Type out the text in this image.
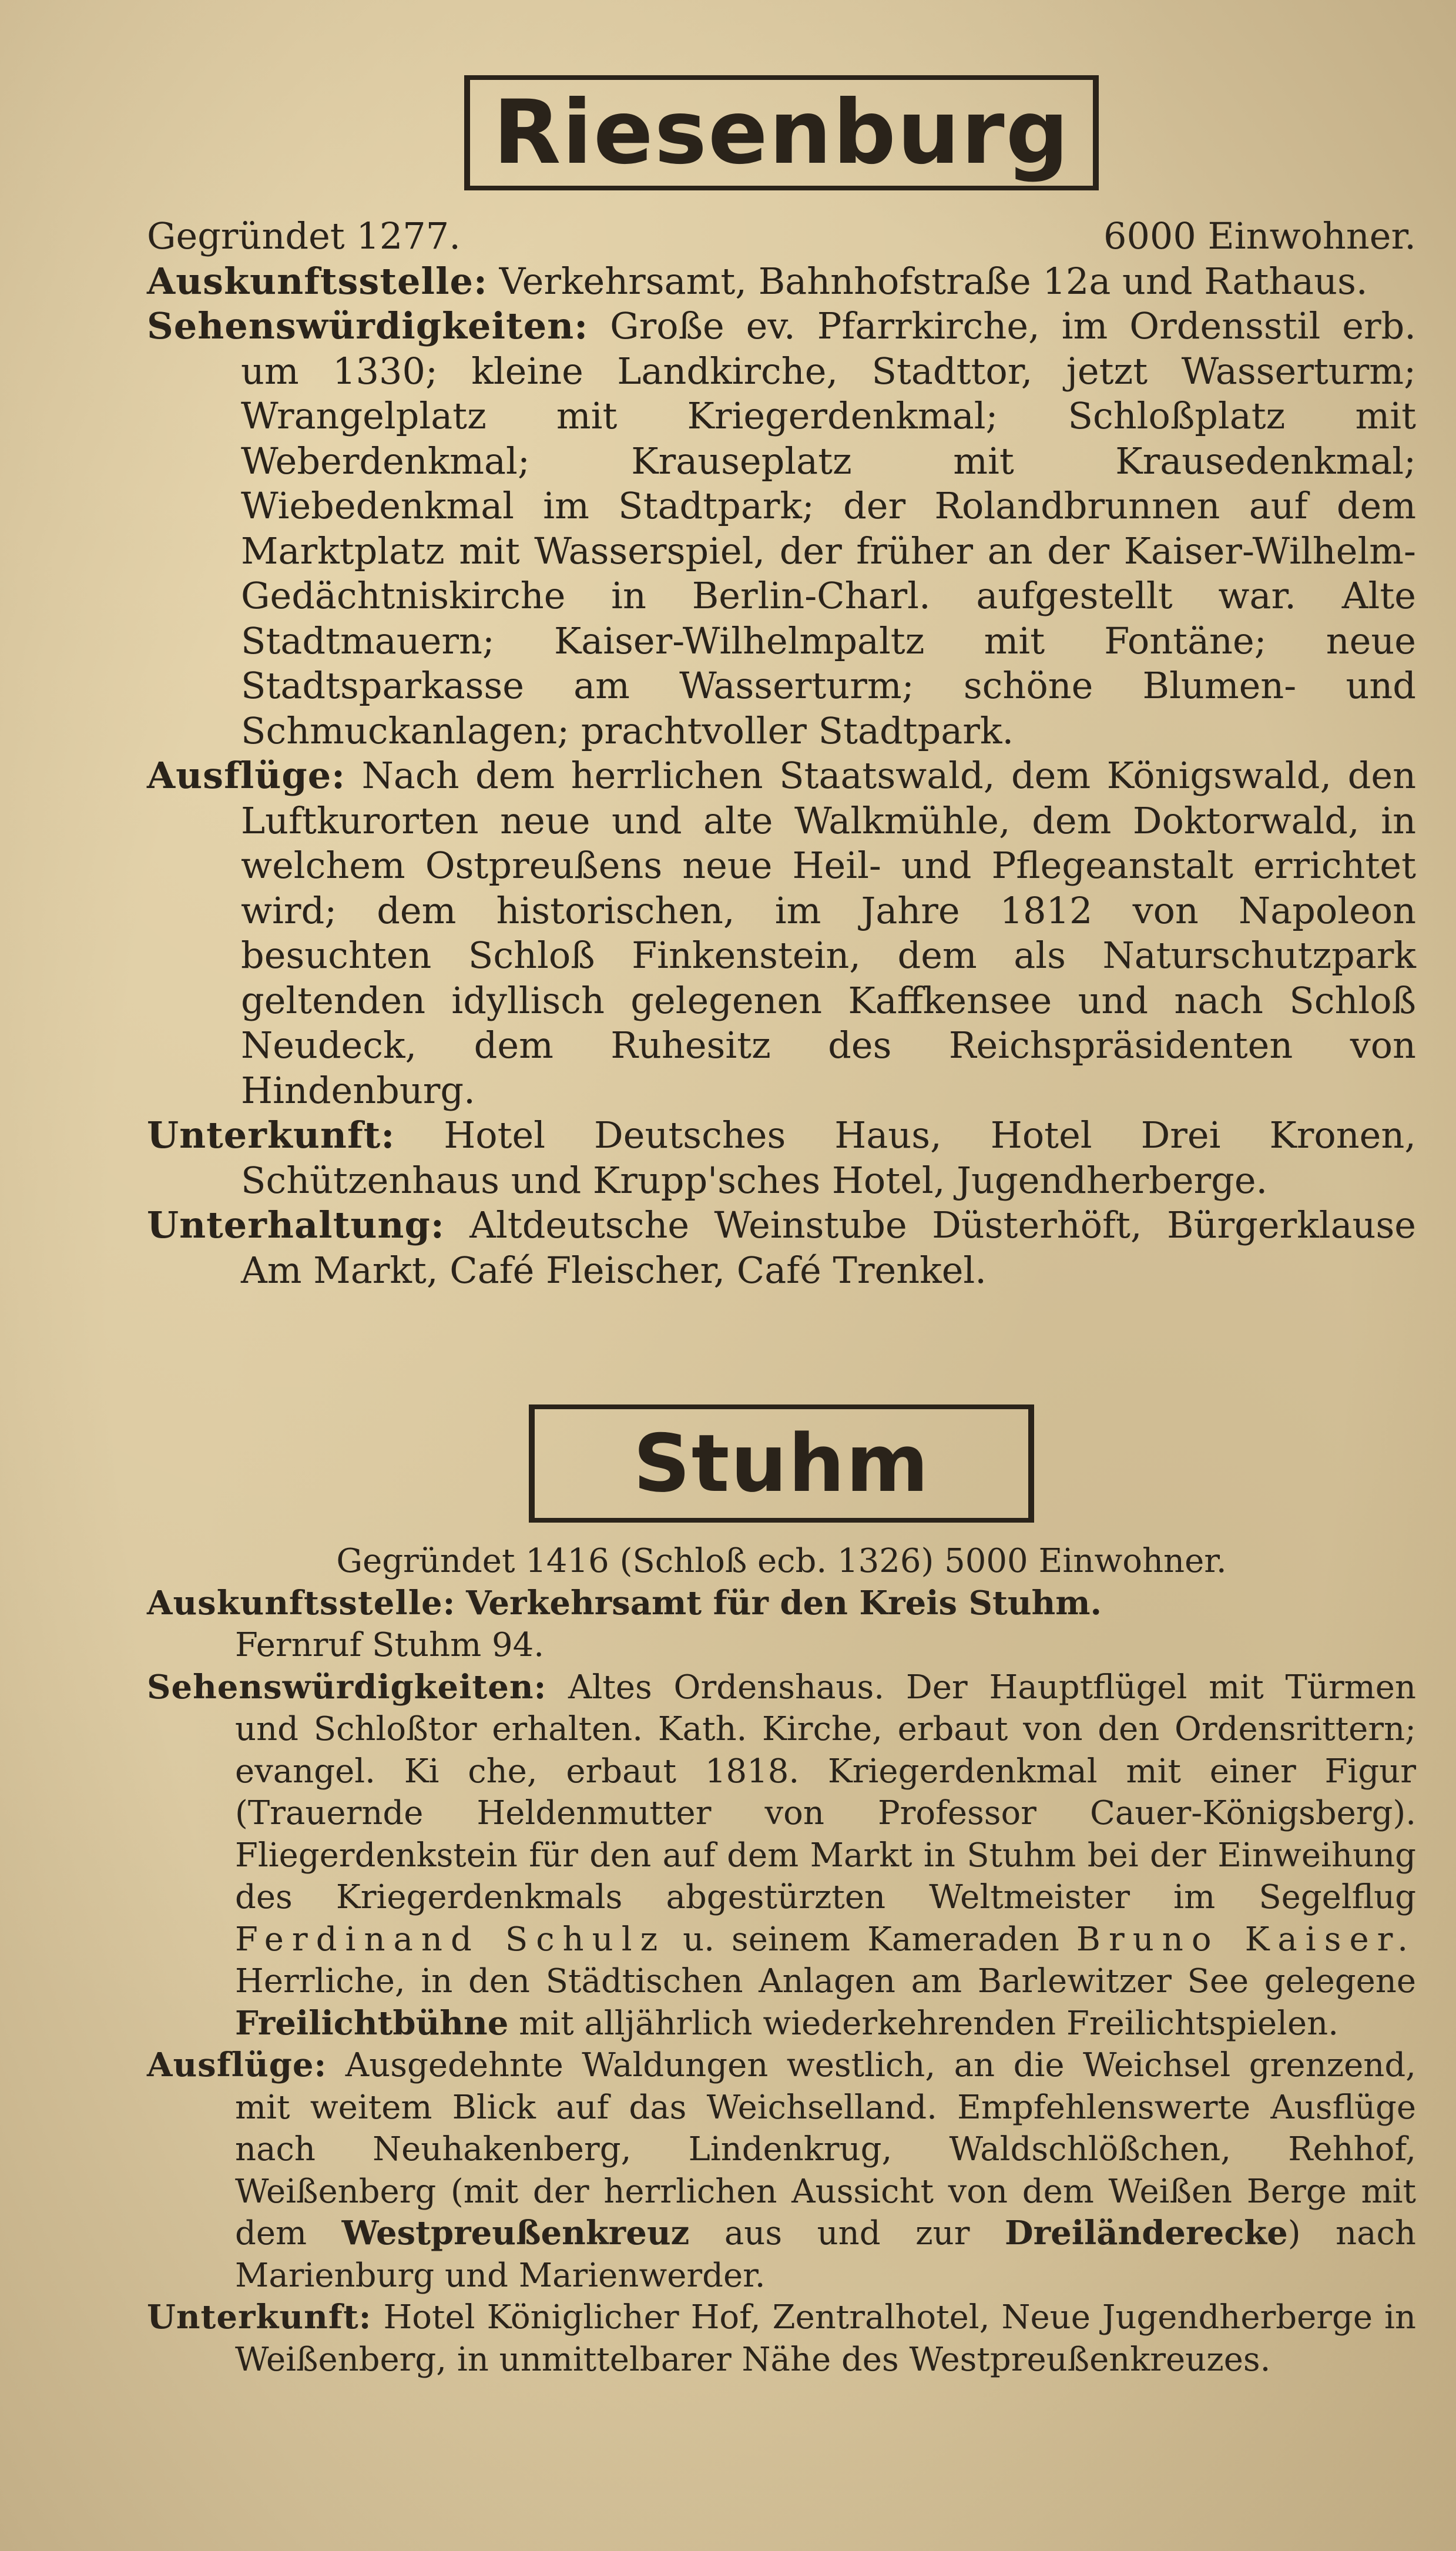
Riesenburg
Gegründet 1277.	6000 Einwohner.

Auskunftsstelle: Verkehrsamt, Bahnhofstraße 12a und Rathaus.

Sehenswürdigkeiten: Große ev. Pfarrkirche, im Ordensstil erb. um 1330; kleine Landkirche, Stadttor, jetzt Wasserturm; Wrangelplatz mit Kriegerdenkmal; Schloßplatz mit Weberdenkmal; Krauseplatz mit Krausedenkmal; Wiebedenkmal im Stadtpark; der Rolandbrunnen auf dem Marktplatz mit Wasserspiel, der früher an der Kaiser-Wilhelm-Gedächtniskirche in Berlin-Charl. aufgestellt war. Alte Stadtmauern; Kaiser-Wilhelmpaltz mit Fontäne; neue Stadtsparkasse am Wasserturm; schöne Blumen- und Schmuckanlagen; prachtvoller Stadtpark.

Ausflüge: Nach dem herrlichen Staatswald, dem Königswald, den Luftkurorten neue und alte Walkmühle, dem Doktorwald, in welchem Ostpreußens neue Heil- und Pflegeanstalt errichtet wird; dem historischen, im Jahre 1812 von Napoleon besuchten Schloß Finkenstein, dem als Naturschutzpark geltenden idyllisch gelegenen Kaffkensee und nach Schloß Neudeck, dem Ruhesitz des Reichspräsidenten von Hindenburg.

Unterkunft: Hotel Deutsches Haus, Hotel Drei Kronen, Schützenhaus und Krupp'sches Hotel, Jugendherberge.

Unterhaltung: Altdeutsche Weinstube Düsterhöft, Bürgerklause Am Markt, Café Fleischer, Café Trenkel.

Stuhm
Gegründet 1416 (Schloß ecb. 1326) 5000 Einwohner.

Auskunftsstelle: Verkehrsamt für den Kreis Stuhm.
Fernruf Stuhm 94.

Sehenswürdigkeiten: Altes Ordenshaus. Der Hauptflügel mit Türmen und Schloßtor erhalten. Kath. Kirche, erbaut von den Ordensrittern; evangel. Ki che, erbaut 1818. Kriegerdenkmal mit einer Figur (Trauernde Heldenmutter von Professor Cauer-Königsberg). Fliegerdenkstein für den auf dem Markt in Stuhm bei der Einweihung des Kriegerdenkmals abgestürzten Weltmeister im Segelflug Ferdinand Schulz u. seinem Kameraden Bruno Kaiser. Herrliche, in den Städtischen Anlagen am Barlewitzer See gelegene Freilichtbühne mit alljährlich wiederkehrenden Freilichtspielen.

Ausflüge: Ausgedehnte Waldungen westlich, an die Weichsel grenzend, mit weitem Blick auf das Weichselland. Empfehlenswerte Ausflüge nach Neuhakenberg, Lindenkrug, Waldschlößchen, Rehhof, Weißenberg (mit der herrlichen Aussicht von dem Weißen Berge mit dem Westpreußenkreuz aus und zur Dreiländerecke) nach Marienburg und Marienwerder.

Unterkunft: Hotel Königlicher Hof, Zentralhotel, Neue Jugendherberge in Weißenberg, in unmittelbarer Nähe des Westpreußenkreuzes.
